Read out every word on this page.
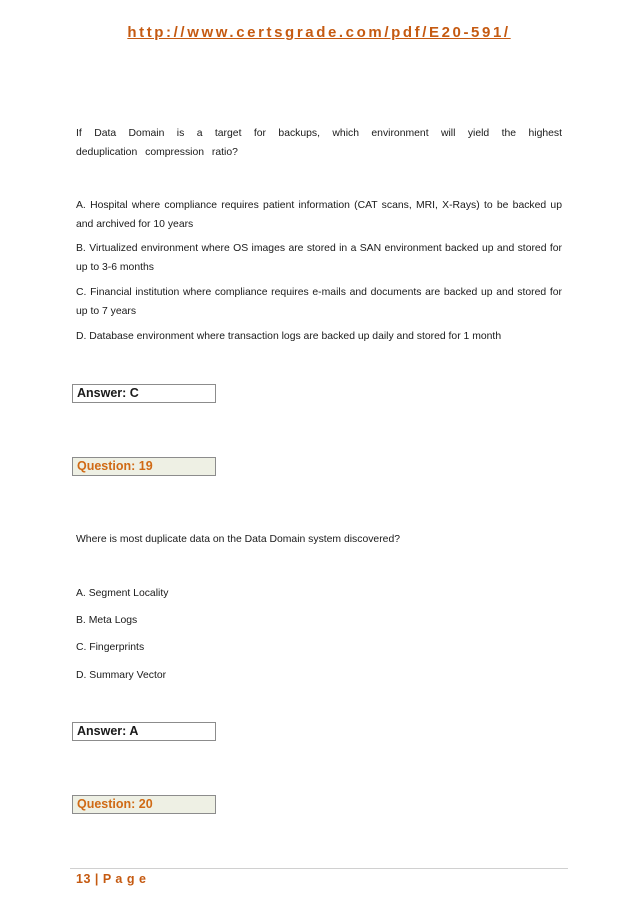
http://www.certsgrade.com/pdf/E20-591/
If Data Domain is a target for backups, which environment will yield the highest deduplication compression ratio?
A. Hospital where compliance requires patient information (CAT scans, MRI, X-Rays) to be backed up and archived for 10 years
B. Virtualized environment where OS images are stored in a SAN environment backed up and stored for up to 3-6 months
C. Financial institution where compliance requires e-mails and documents are backed up and stored for up to 7 years
D. Database environment where transaction logs are backed up daily and stored for 1 month
Answer: C
Question: 19
Where is most duplicate data on the Data Domain system discovered?
A. Segment Locality
B. Meta Logs
C. Fingerprints
D. Summary Vector
Answer: A
Question: 20
13 | P a g e
